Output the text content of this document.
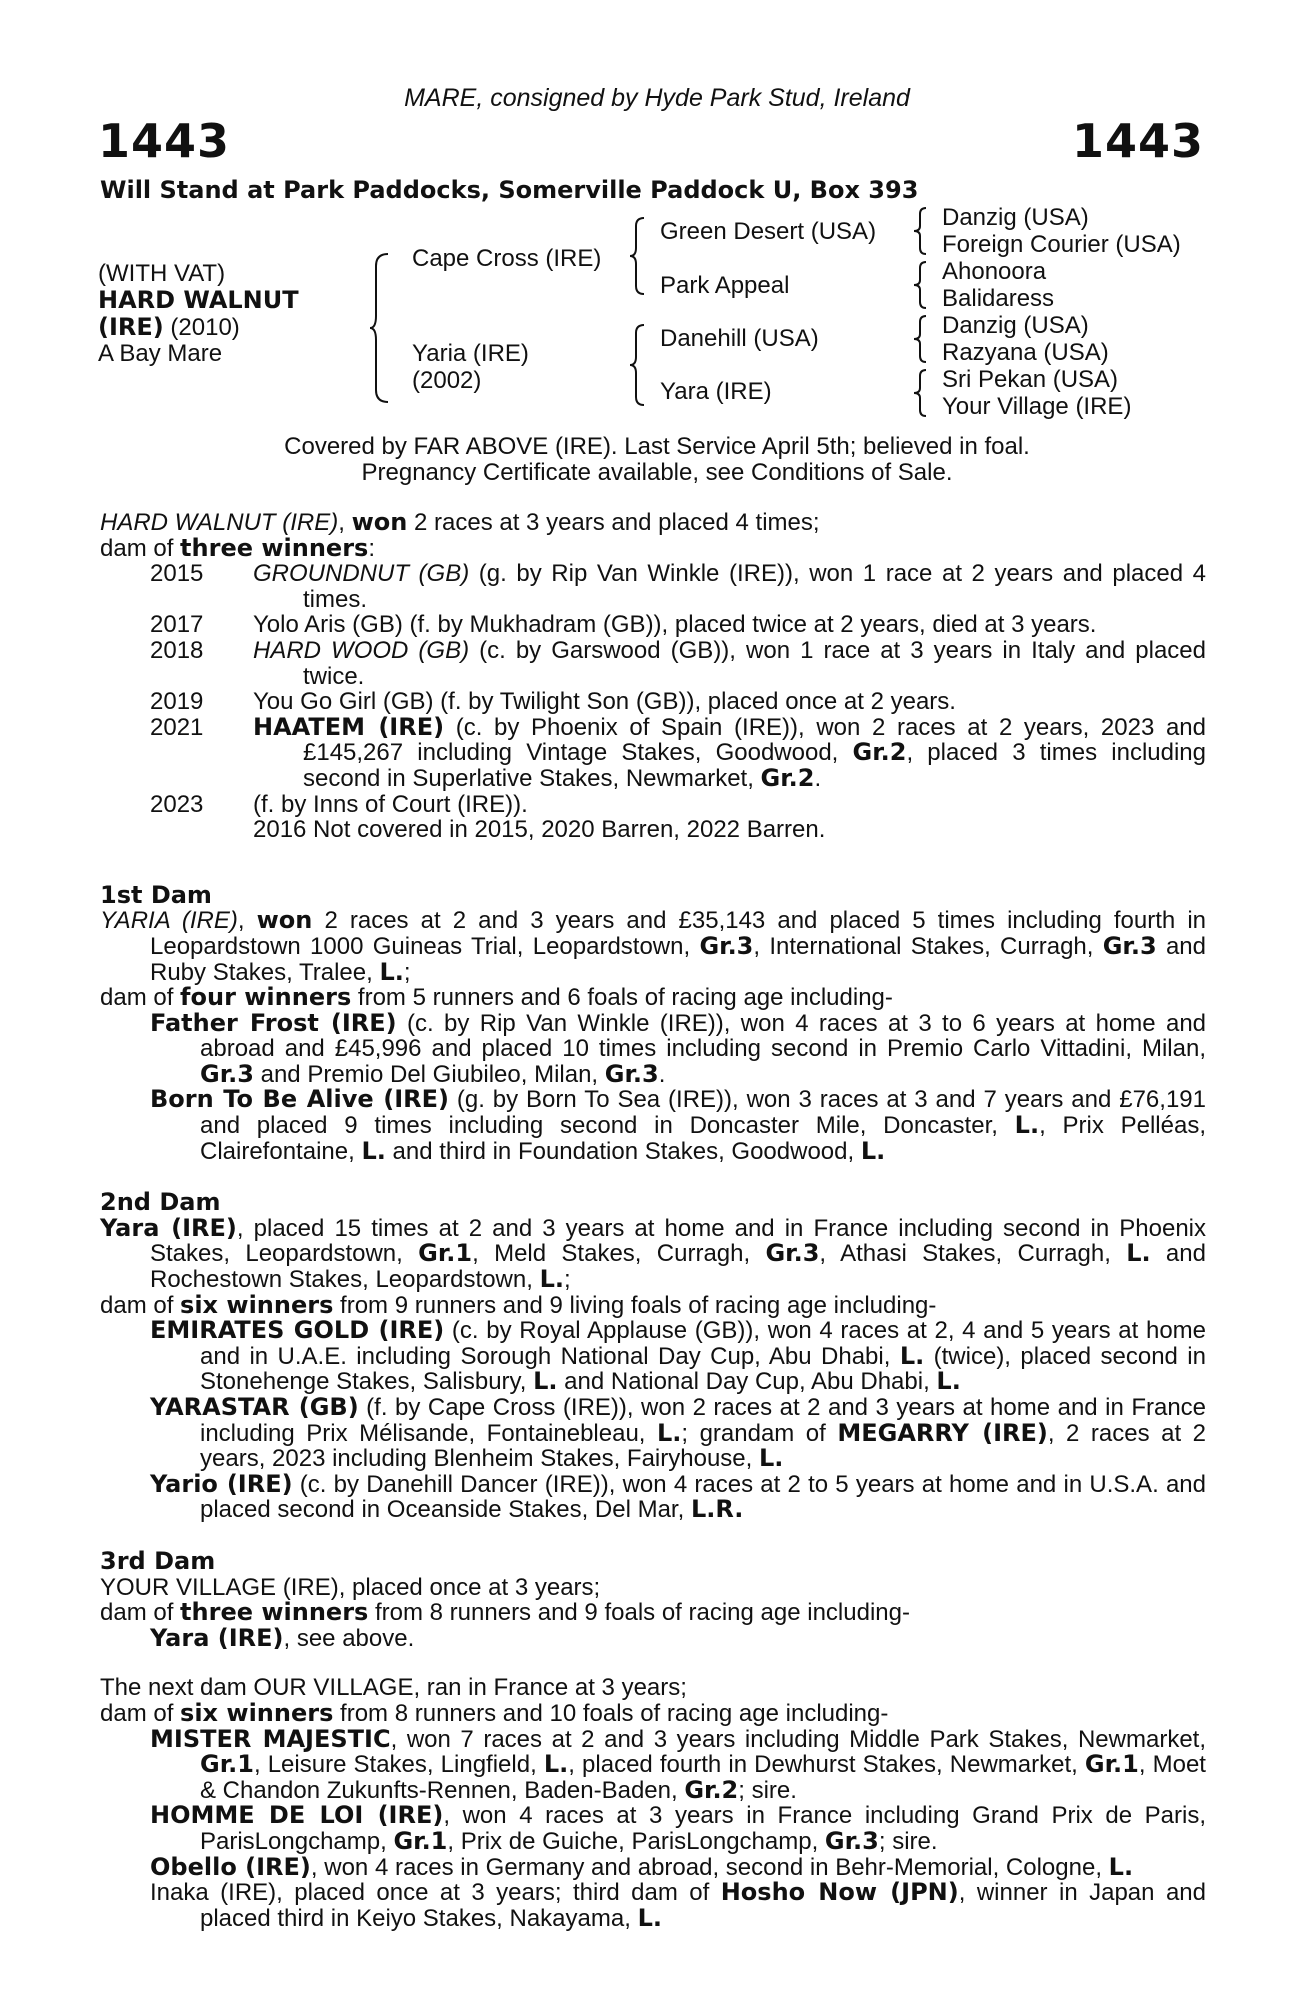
MARE, consigned by Hyde Park Stud, Ireland
1443	1443
Will Stand at Park Paddocks, Somerville Paddock U, Box 393
(WITH VAT)
HARD WALNUT
(IRE) (2010)
A Bay Mare
Cape Cross (IRE)
Yaria (IRE)
(2002)
Green Desert (USA)
Park Appeal
Danehill (USA)
Yara (IRE)
Danzig (USA)
Foreign Courier (USA)
Ahonoora
Balidaress
Danzig (USA)
Razyana (USA)
Sri Pekan (USA)
Your Village (IRE)
Covered by FAR ABOVE (IRE). Last Service April 5th; believed in foal.
Pregnancy Certificate available, see Conditions of Sale.

HARD WALNUT (IRE), won 2 races at 3 years and placed 4 times;

dam of three winners:

2015	GROUNDNUT (GB) (g. by Rip Van Winkle (IRE)), won 1 race at 2 years and placed 4 times.
2017	Yolo Aris (GB) (f. by Mukhadram (GB)), placed twice at 2 years, died at 3 years.
2018	HARD WOOD (GB) (c. by Garswood (GB)), won 1 race at 3 years in Italy and placed twice.
2019	You Go Girl (GB) (f. by Twilight Son (GB)), placed once at 2 years.
2021	HAATEM (IRE) (c. by Phoenix of Spain (IRE)), won 2 races at 2 years, 2023 and £145,267 including Vintage Stakes, Goodwood, Gr.2, placed 3 times including second in Superlative Stakes, Newmarket, Gr.2.
2023	(f. by Inns of Court (IRE)).
2016 Not covered in 2015, 2020 Barren, 2022 Barren.

1st Dam

YARIA (IRE), won 2 races at 2 and 3 years and £35,143 and placed 5 times including fourth in Leopardstown 1000 Guineas Trial, Leopardstown, Gr.3, International Stakes, Curragh, Gr.3 and Ruby Stakes, Tralee, L.;

dam of four winners from 5 runners and 6 foals of racing age including-

Father Frost (IRE) (c. by Rip Van Winkle (IRE)), won 4 races at 3 to 6 years at home and abroad and £45,996 and placed 10 times including second in Premio Carlo Vittadini, Milan, Gr.3 and Premio Del Giubileo, Milan, Gr.3.

Born To Be Alive (IRE) (g. by Born To Sea (IRE)), won 3 races at 3 and 7 years and £76,191 and placed 9 times including second in Doncaster Mile, Doncaster, L., Prix Pelléas, Clairefontaine, L. and third in Foundation Stakes, Goodwood, L.

2nd Dam

Yara (IRE), placed 15 times at 2 and 3 years at home and in France including second in Phoenix Stakes, Leopardstown, Gr.1, Meld Stakes, Curragh, Gr.3, Athasi Stakes, Curragh, L. and Rochestown Stakes, Leopardstown, L.;

dam of six winners from 9 runners and 9 living foals of racing age including-

EMIRATES GOLD (IRE) (c. by Royal Applause (GB)), won 4 races at 2, 4 and 5 years at home and in U.A.E. including Sorough National Day Cup, Abu Dhabi, L. (twice), placed second in Stonehenge Stakes, Salisbury, L. and National Day Cup, Abu Dhabi, L.

YARASTAR (GB) (f. by Cape Cross (IRE)), won 2 races at 2 and 3 years at home and in France including Prix Mélisande, Fontainebleau, L.; grandam of MEGARRY (IRE), 2 races at 2 years, 2023 including Blenheim Stakes, Fairyhouse, L.

Yario (IRE) (c. by Danehill Dancer (IRE)), won 4 races at 2 to 5 years at home and in U.S.A. and placed second in Oceanside Stakes, Del Mar, L.R.

3rd Dam

YOUR VILLAGE (IRE), placed once at 3 years;

dam of three winners from 8 runners and 9 foals of racing age including-

Yara (IRE), see above.

The next dam OUR VILLAGE, ran in France at 3 years;

dam of six winners from 8 runners and 10 foals of racing age including-

MISTER MAJESTIC, won 7 races at 2 and 3 years including Middle Park Stakes, Newmarket, Gr.1, Leisure Stakes, Lingfield, L., placed fourth in Dewhurst Stakes, Newmarket, Gr.1, Moet & Chandon Zukunfts-Rennen, Baden-Baden, Gr.2; sire.

HOMME DE LOI (IRE), won 4 races at 3 years in France including Grand Prix de Paris, ParisLongchamp, Gr.1, Prix de Guiche, ParisLongchamp, Gr.3; sire.

Obello (IRE), won 4 races in Germany and abroad, second in Behr-Memorial, Cologne, L.

Inaka (IRE), placed once at 3 years; third dam of Hosho Now (JPN), winner in Japan and placed third in Keiyo Stakes, Nakayama, L.
